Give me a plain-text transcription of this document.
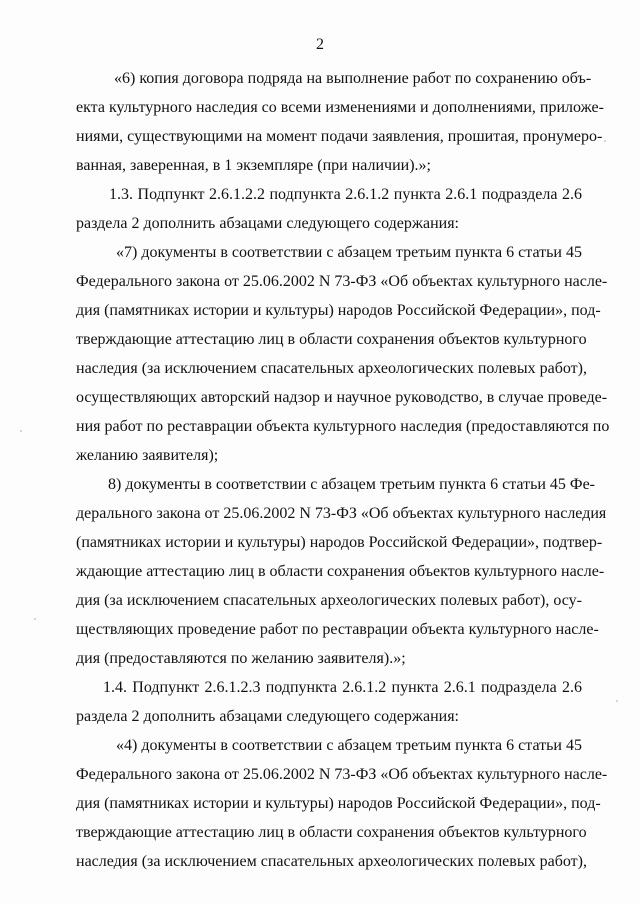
2
«6) копия договора подряда на выполнение работ по сохранению объ-
екта культурного наследия со всеми изменениями и дополнениями, приложе-
ниями, существующими на момент подачи заявления, прошитая, пронумеро-
ванная, заверенная, в 1 экземпляре (при наличии).»;
1.3. Подпункт 2.6.1.2.2 подпункта 2.6.1.2 пункта 2.6.1 подраздела 2.6
раздела 2 дополнить абзацами следующего содержания:
«7) документы в соответствии с абзацем третьим пункта 6 статьи 45
Федерального закона от 25.06.2002 N 73-ФЗ «Об объектах культурного насле-
дия (памятниках истории и культуры) народов Российской Федерации», под-
тверждающие аттестацию лиц в области сохранения объектов культурного
наследия (за исключением спасательных археологических полевых работ),
осуществляющих авторский надзор и научное руководство, в случае проведе-
ния работ по реставрации объекта культурного наследия (предоставляются по
желанию заявителя);
8) документы в соответствии с абзацем третьим пункта 6 статьи 45 Фе-
дерального закона от 25.06.2002 N 73-ФЗ «Об объектах культурного наследия
(памятниках истории и культуры) народов Российской Федерации», подтвер-
ждающие аттестацию лиц в области сохранения объектов культурного насле-
дия (за исключением спасательных археологических полевых работ), осу-
ществляющих проведение работ по реставрации объекта культурного насле-
дия (предоставляются по желанию заявителя).»;
1.4. Подпункт 2.6.1.2.3 подпункта 2.6.1.2 пункта 2.6.1 подраздела 2.6
раздела 2 дополнить абзацами следующего содержания:
«4) документы в соответствии с абзацем третьим пункта 6 статьи 45
Федерального закона от 25.06.2002 N 73-ФЗ «Об объектах культурного насле-
дия (памятниках истории и культуры) народов Российской Федерации», под-
тверждающие аттестацию лиц в области сохранения объектов культурного
наследия (за исключением спасательных археологических полевых работ),
